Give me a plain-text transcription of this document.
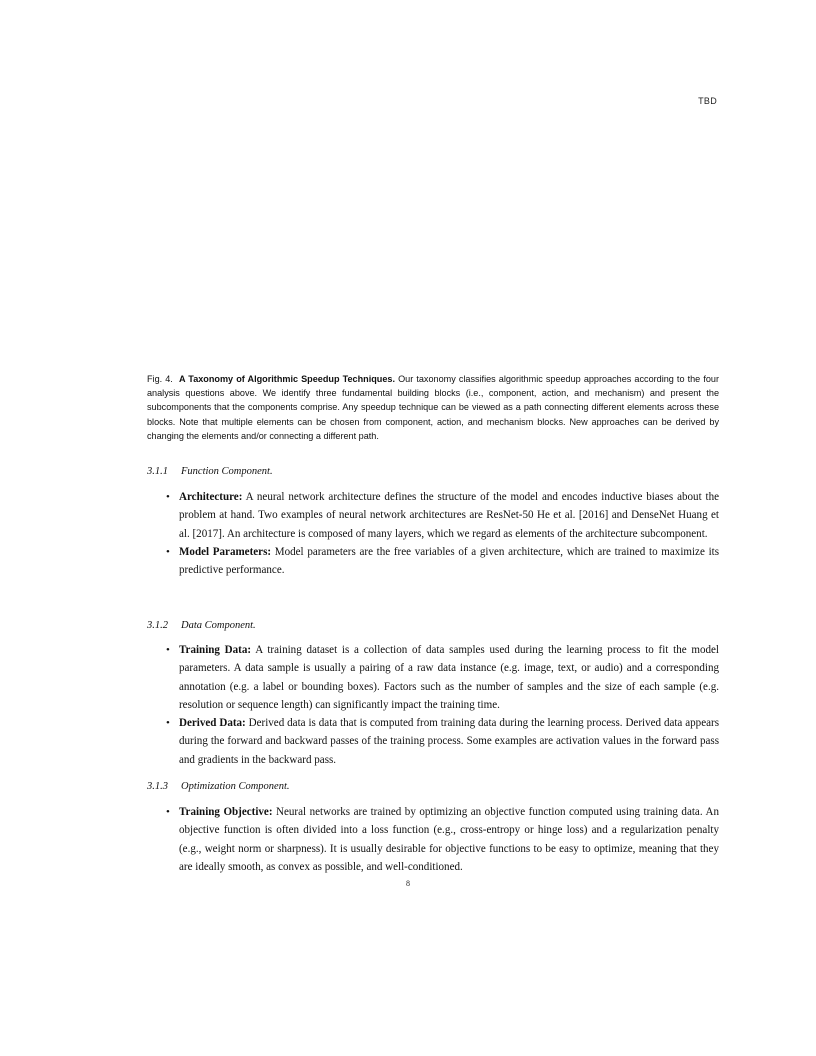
TBD
Fig. 4. A Taxonomy of Algorithmic Speedup Techniques. Our taxonomy classifies algorithmic speedup approaches according to the four analysis questions above. We identify three fundamental building blocks (i.e., component, action, and mechanism) and present the subcomponents that the components comprise. Any speedup technique can be viewed as a path connecting different elements across these blocks. Note that multiple elements can be chosen from component, action, and mechanism blocks. New approaches can be derived by changing the elements and/or connecting a different path.
3.1.1 Function Component.
• Architecture: A neural network architecture defines the structure of the model and encodes inductive biases about the problem at hand. Two examples of neural network architectures are ResNet-50 He et al. [2016] and DenseNet Huang et al. [2017]. An architecture is composed of many layers, which we regard as elements of the architecture subcomponent.
• Model Parameters: Model parameters are the free variables of a given architecture, which are trained to maximize its predictive performance.
3.1.2 Data Component.
• Training Data: A training dataset is a collection of data samples used during the learning process to fit the model parameters. A data sample is usually a pairing of a raw data instance (e.g. image, text, or audio) and a corresponding annotation (e.g. a label or bounding boxes). Factors such as the number of samples and the size of each sample (e.g. resolution or sequence length) can significantly impact the training time.
• Derived Data: Derived data is data that is computed from training data during the learning process. Derived data appears during the forward and backward passes of the training process. Some examples are activation values in the forward pass and gradients in the backward pass.
3.1.3 Optimization Component.
• Training Objective: Neural networks are trained by optimizing an objective function computed using training data. An objective function is often divided into a loss function (e.g., cross-entropy or hinge loss) and a regularization penalty (e.g., weight norm or sharpness). It is usually desirable for objective functions to be easy to optimize, meaning that they are ideally smooth, as convex as possible, and well-conditioned.
8
